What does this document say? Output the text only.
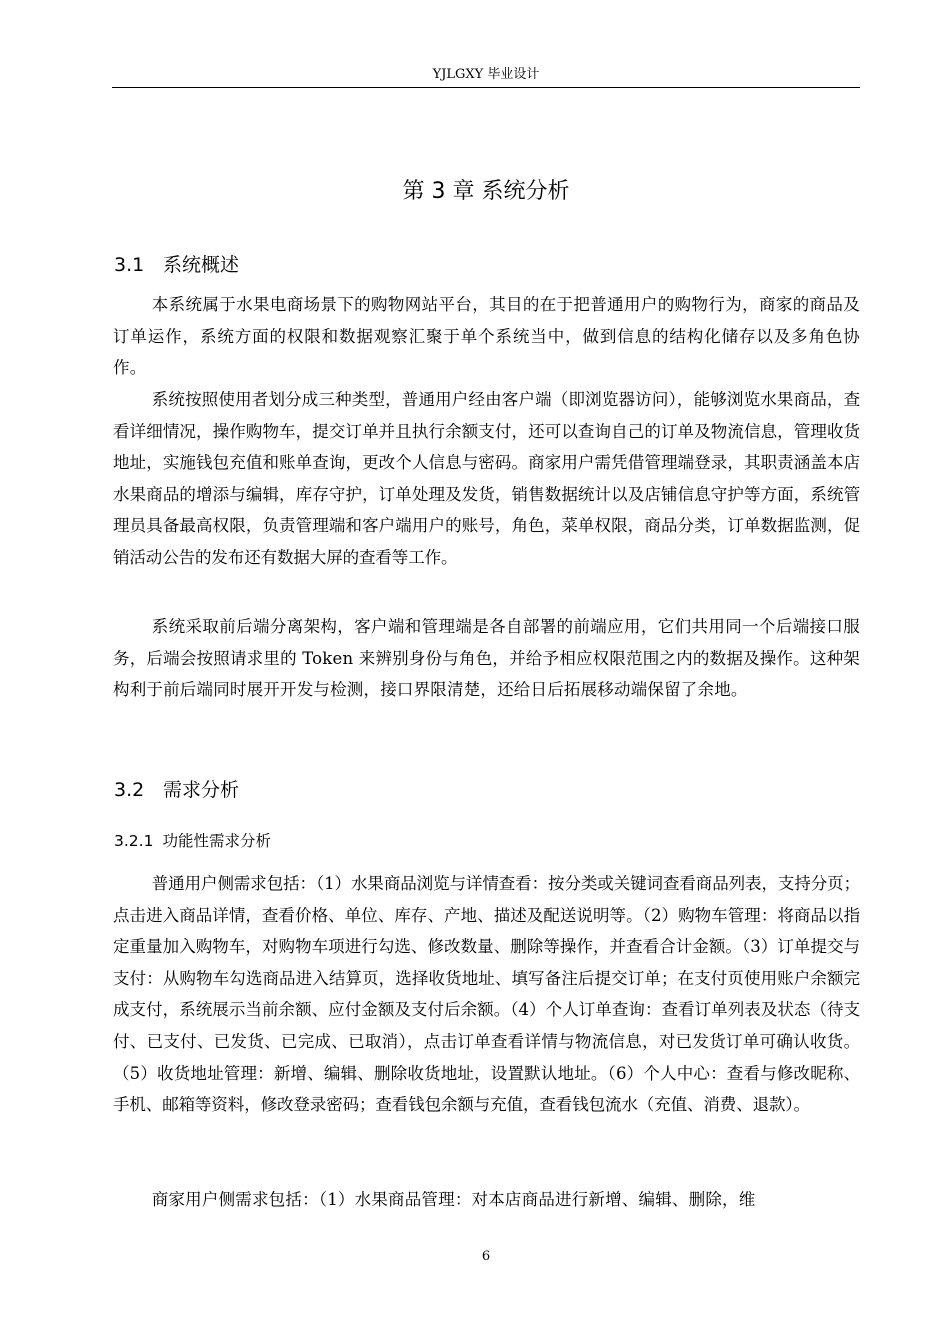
YJLGXY 毕业设计
第 3 章 系统分析
3.1 系统概述

本系统属于水果电商场景下的购物网站平台，其目的在于把普通用户的购物行为，商家的商品及订单运作，系统方面的权限和数据观察汇聚于单个系统当中，做到信息的结构化储存以及多角色协作。

系统按照使用者划分成三种类型，普通用户经由客户端（即浏览器访问），能够浏览水果商品，查看详细情况，操作购物车，提交订单并且执行余额支付，还可以查询自己的订单及物流信息，管理收货地址，实施钱包充值和账单查询，更改个人信息与密码。商家用户需凭借管理端登录，其职责涵盖本店水果商品的增添与编辑，库存守护，订单处理及发货，销售数据统计以及店铺信息守护等方面，系统管理员具备最高权限，负责管理端和客户端用户的账号，角色，菜单权限，商品分类，订单数据监测，促销活动公告的发布还有数据大屏的查看等工作。

系统采取前后端分离架构，客户端和管理端是各自部署的前端应用，它们共用同一个后端接口服务，后端会按照请求里的 Token 来辨别身份与角色，并给予相应权限范围之内的数据及操作。这种架构利于前后端同时展开开发与检测，接口界限清楚，还给日后拓展移动端保留了余地。

3.2 需求分析
3.2.1 功能性需求分析

普通用户侧需求包括：（1）水果商品浏览与详情查看：按分类或关键词查看商品列表，支持分页；点击进入商品详情，查看价格、单位、库存、产地、描述及配送说明等。（2）购物车管理：将商品以指定重量加入购物车，对购物车项进行勾选、修改数量、删除等操作，并查看合计金额。（3）订单提交与支付：从购物车勾选商品进入结算页，选择收货地址、填写备注后提交订单；在支付页使用账户余额完成支付，系统展示当前余额、应付金额及支付后余额。（4）个人订单查询：查看订单列表及状态（待支付、已支付、已发货、已完成、已取消），点击订单查看详情与物流信息，对已发货订单可确认收货。（5）收货地址管理：新增、编辑、删除收货地址，设置默认地址。（6）个人中心：查看与修改昵称、手机、邮箱等资料，修改登录密码；查看钱包余额与充值，查看钱包流水（充值、消费、退款）。

商家用户侧需求包括：（1）水果商品管理：对本店商品进行新增、编辑、删除，维

6
